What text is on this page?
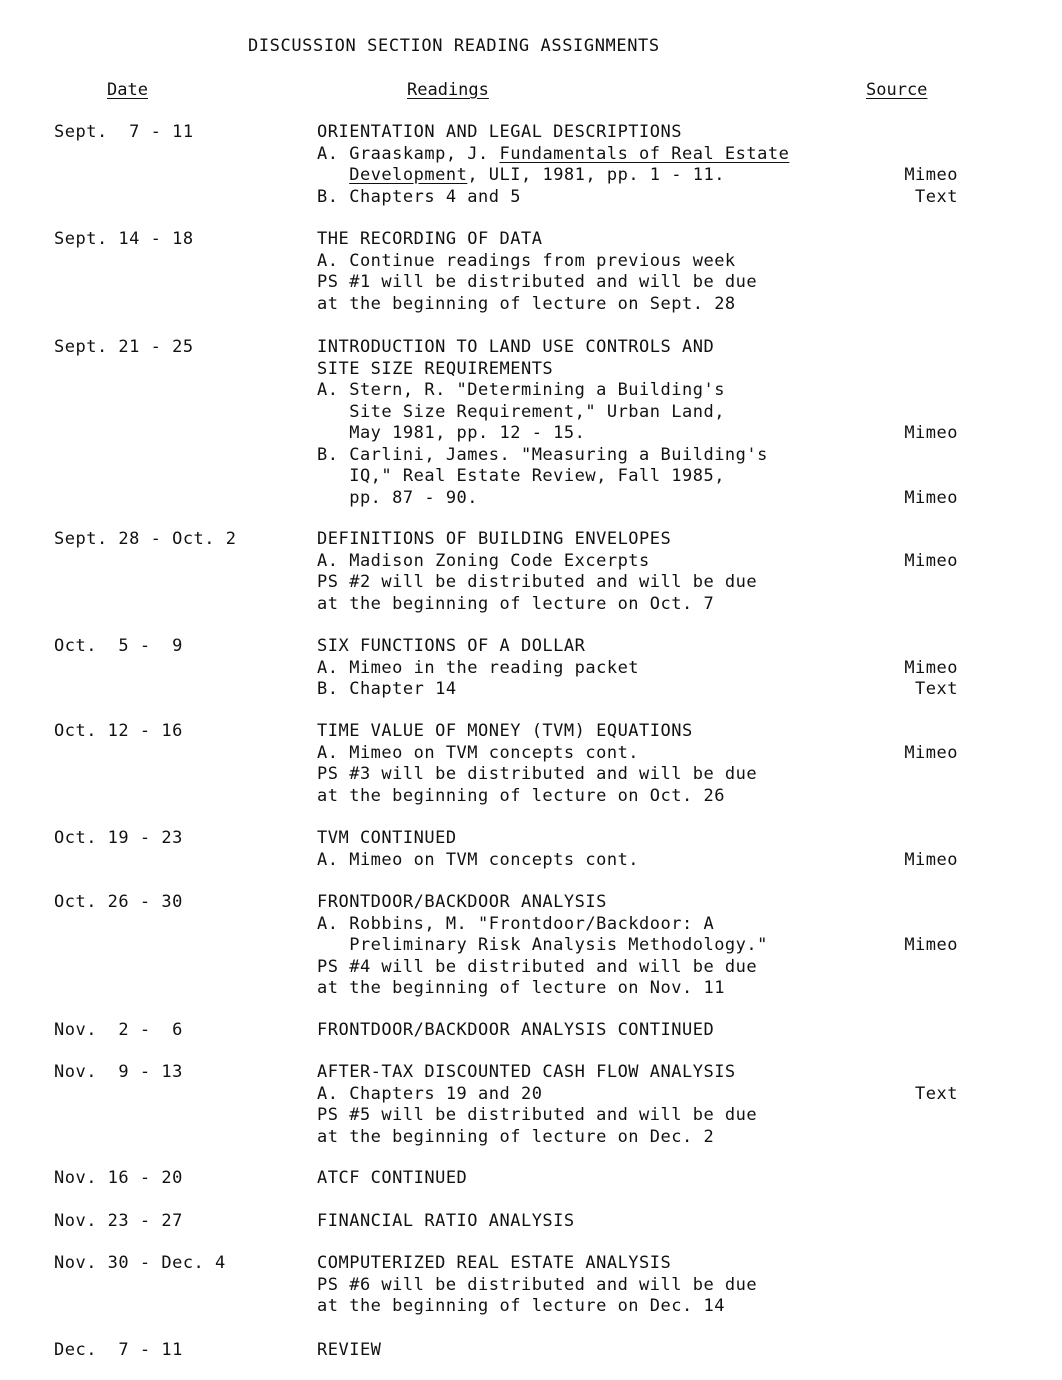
DISCUSSION SECTION READING ASSIGNMENTS
Date	Readings	Source
Sept.  7 - 11	ORIENTATION AND LEGAL DESCRIPTIONS
A. Graaskamp, J. Fundamentals of Real Estate
Development, ULI, 1981, pp. 1 - 11.	Mimeo
B. Chapters 4 and 5	Text
Sept. 14 - 18	THE RECORDING OF DATA
A. Continue readings from previous week
PS #1 will be distributed and will be due
at the beginning of lecture on Sept. 28
Sept. 21 - 25	INTRODUCTION TO LAND USE CONTROLS AND
SITE SIZE REQUIREMENTS
A. Stern, R. "Determining a Building's
Site Size Requirement," Urban Land,
May 1981, pp. 12 - 15.	Mimeo
B. Carlini, James. "Measuring a Building's
IQ," Real Estate Review, Fall 1985,
pp. 87 - 90.	Mimeo
Sept. 28 - Oct. 2	DEFINITIONS OF BUILDING ENVELOPES
A. Madison Zoning Code Excerpts	Mimeo
PS #2 will be distributed and will be due
at the beginning of lecture on Oct. 7
Oct.  5 -  9	SIX FUNCTIONS OF A DOLLAR
A. Mimeo in the reading packet	Mimeo
B. Chapter 14	Text
Oct. 12 - 16	TIME VALUE OF MONEY (TVM) EQUATIONS
A. Mimeo on TVM concepts cont.	Mimeo
PS #3 will be distributed and will be due
at the beginning of lecture on Oct. 26
Oct. 19 - 23	TVM CONTINUED
A. Mimeo on TVM concepts cont.	Mimeo
Oct. 26 - 30	FRONTDOOR/BACKDOOR ANALYSIS
A. Robbins, M. "Frontdoor/Backdoor: A
Preliminary Risk Analysis Methodology."	Mimeo
PS #4 will be distributed and will be due
at the beginning of lecture on Nov. 11
Nov.  2 -  6	FRONTDOOR/BACKDOOR ANALYSIS CONTINUED
Nov.  9 - 13	AFTER-TAX DISCOUNTED CASH FLOW ANALYSIS
A. Chapters 19 and 20	Text
PS #5 will be distributed and will be due
at the beginning of lecture on Dec. 2
Nov. 16 - 20	ATCF CONTINUED
Nov. 23 - 27	FINANCIAL RATIO ANALYSIS
Nov. 30 - Dec. 4	COMPUTERIZED REAL ESTATE ANALYSIS
PS #6 will be distributed and will be due
at the beginning of lecture on Dec. 14
Dec.  7 - 11	REVIEW
